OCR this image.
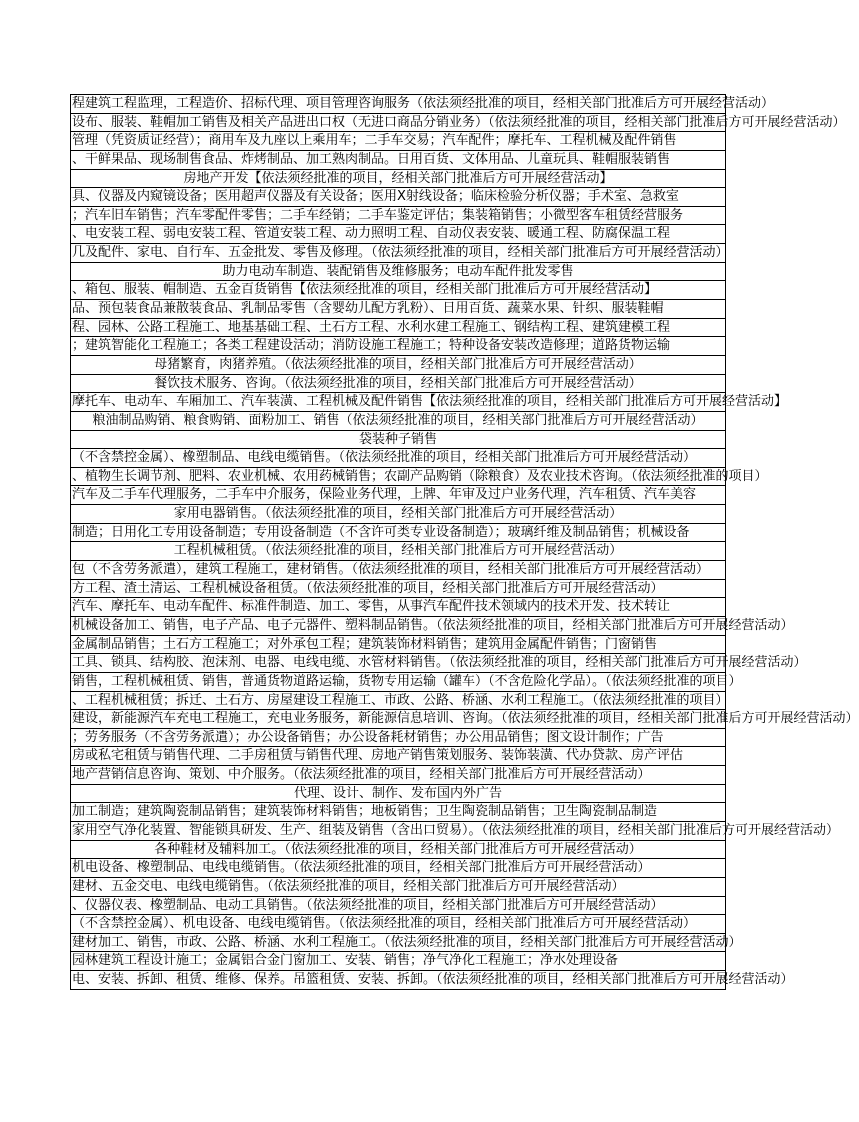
程建筑工程监理，工程造价、招标代理、项目管理咨询服务（依法须经批准的项目，经相关部门批准后方可开展经营活动）
设布、服装、鞋帽加工销售及相关产品进出口权（无进口商品分销业务）（依法须经批准的项目，经相关部门批准后方可开展经营活动）
管理（凭资质证经营）；商用车及九座以上乘用车；二手车交易；汽车配件；摩托车、工程机械及配件销售
、干鲜果品、现场制售食品、炸烤制品、加工熟肉制品。日用百货、文体用品、儿童玩具、鞋帽服装销售
房地产开发【依法须经批准的项目，经相关部门批准后方可开展经营活动】
具、仪器及内窥镜设备；医用超声仪器及有关设备；医用X射线设备；临床检验分析仪器；手术室、急救室
；汽车旧车销售；汽车零配件零售；二手车经销；二手车鉴定评估；集装箱销售；小微型客车租赁经营服务
、电安装工程、弱电安装工程、管道安装工程、动力照明工程、自动仪表安装、暖通工程、防腐保温工程
几及配件、家电、自行车、五金批发、零售及修理。（依法须经批准的项目，经相关部门批准后方可开展经营活动）
助力电动车制造、装配销售及维修服务；电动车配件批发零售
、箱包、服装、帽制造、五金百货销售【依法须经批准的项目，经相关部门批准后方可开展经营活动】
品、预包装食品兼散装食品、乳制品零售（含婴幼儿配方乳粉）、日用百货、蔬菜水果、针织、服装鞋帽
程、园林、公路工程施工、地基基础工程、土石方工程、水利水建工程施工、钢结构工程、建筑建模工程
；建筑智能化工程施工；各类工程建设活动；消防设施工程施工；特种设备安装改造修理；道路货物运输
母猪繁育，肉猪养殖。（依法须经批准的项目，经相关部门批准后方可开展经营活动）
餐饮技术服务、咨询。（依法须经批准的项目，经相关部门批准后方可开展经营活动）
摩托车、电动车、车厢加工、汽车装潢、工程机械及配件销售【依法须经批准的项目，经相关部门批准后方可开展经营活动】
粮油制品购销、粮食购销、面粉加工、销售（依法须经批准的项目，经相关部门批准后方可开展经营活动）
袋装种子销售
（不含禁控金属）、橡塑制品、电线电缆销售。（依法须经批准的项目，经相关部门批准后方可开展经营活动）
、植物生长调节剂、肥料、农业机械、农用药械销售；农副产品购销（除粮食）及农业技术咨询。（依法须经批准的项目）
汽车及二手车代理服务，二手车中介服务，保险业务代理，上牌、年审及过户业务代理，汽车租赁、汽车美容
家用电器销售。（依法须经批准的项目，经相关部门批准后方可开展经营活动）
制造；日用化工专用设备制造；专用设备制造（不含许可类专业设备制造）；玻璃纤维及制品销售；机械设备
工程机械租赁。（依法须经批准的项目，经相关部门批准后方可开展经营活动）
包（不含劳务派遣），建筑工程施工，建材销售。（依法须经批准的项目，经相关部门批准后方可开展经营活动）
方工程、渣土清运、工程机械设备租赁。（依法须经批准的项目，经相关部门批准后方可开展经营活动）
汽车、摩托车、电动车配件、标准件制造、加工、零售，从事汽车配件技术领域内的技术开发、技术转让
机械设备加工、销售，电子产品、电子元器件、塑料制品销售。（依法须经批准的项目，经相关部门批准后方可开展经营活动）
金属制品销售；土石方工程施工；对外承包工程；建筑装饰材料销售；建筑用金属配件销售；门窗销售
工具、锁具、结构胶、泡沫剂、电器、电线电缆、水管材料销售。（依法须经批准的项目，经相关部门批准后方可开展经营活动）
销售，工程机械租赁、销售，普通货物道路运输，货物专用运输（罐车）（不含危险化学品）。（依法须经批准的项目）
、工程机械租赁；拆迁、土石方、房屋建设工程施工、市政、公路、桥涵、水利工程施工。（依法须经批准的项目）
建设，新能源汽车充电工程施工，充电业务服务，新能源信息培训、咨询。（依法须经批准的项目，经相关部门批准后方可开展经营活动）
；劳务服务（不含劳务派遣）；办公设备销售；办公设备耗材销售；办公用品销售；图文设计制作；广告
房或私宅租赁与销售代理、二手房租赁与销售代理、房地产销售策划服务、装饰装潢、代办贷款、房产评估
地产营销信息咨询、策划、中介服务。（依法须经批准的项目，经相关部门批准后方可开展经营活动）
代理、设计、制作、发布国内外广告
加工制造；建筑陶瓷制品销售；建筑装饰材料销售；地板销售；卫生陶瓷制品销售；卫生陶瓷制品制造
家用空气净化装置、智能锁具研发、生产、组装及销售（含出口贸易）。（依法须经批准的项目，经相关部门批准后方可开展经营活动）
各种鞋材及辅料加工。（依法须经批准的项目，经相关部门批准后方可开展经营活动）
机电设备、橡塑制品、电线电缆销售。（依法须经批准的项目，经相关部门批准后方可开展经营活动）
建材、五金交电、电线电缆销售。（依法须经批准的项目，经相关部门批准后方可开展经营活动）
、仪器仪表、橡塑制品、电动工具销售。（依法须经批准的项目，经相关部门批准后方可开展经营活动）
（不含禁控金属）、机电设备、电线电缆销售。（依法须经批准的项目，经相关部门批准后方可开展经营活动）
建材加工、销售，市政、公路、桥涵、水利工程施工。（依法须经批准的项目，经相关部门批准后方可开展经营活动）
园林建筑工程设计施工；金属铝合金门窗加工、安装、销售；净气净化工程施工；净水处理设备
电、安装、拆卸、租赁、维修、保养。吊篮租赁、安装、拆卸。（依法须经批准的项目，经相关部门批准后方可开展经营活动）
